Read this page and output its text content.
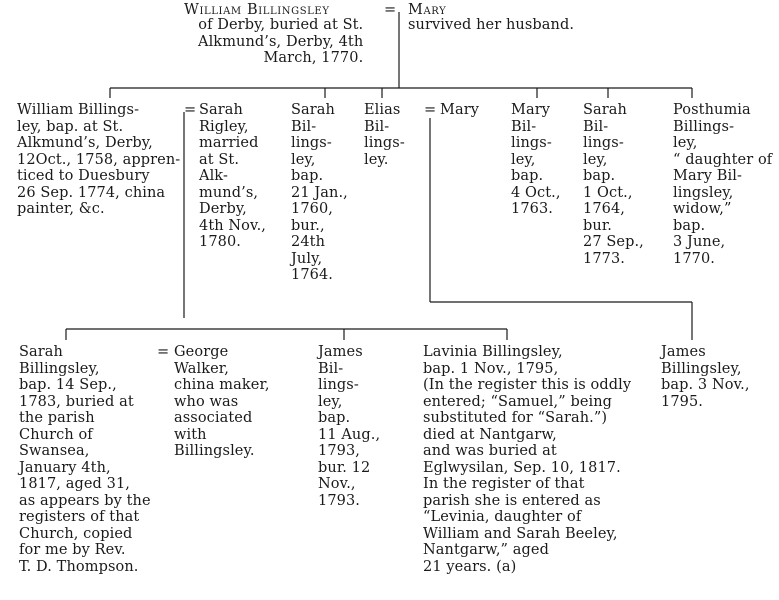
William Billingsley	= Mary
of Derby, buried at St.
Alkmund’s, Derby, 4th
March, 1770.
survived her husband.
William Billings-
ley, bap. at St.
Alkmund’s, Derby,
12Oct., 1758, appren-
ticed to Duesbury
26 Sep. 1774, china
painter, &c.
= Sarah
Rigley,
married
at St.
Alk-
mund’s,
Derby,
4th Nov.,
1780.
Sarah
Bil-
lings-
ley,
bap.
21 Jan.,
1760,
bur.,
24th
July,
1764.
Elias
Bil-
lings-
ley.
= Mary Mary
Bil-
lings-
ley,
bap.
4 Oct.,
1763.
Sarah
Bil-
lings-
ley,
bap.
1 Oct.,
1764,
bur.
27 Sep.,
1773.
Posthumia
Billings-
ley,
“ daughter of
Mary Bil-
lingsley,
widow,”
bap.
3 June,
1770.
Sarah
Billingsley,
bap. 14 Sep.,
1783, buried at
the parish
Church of
Swansea,
January 4th,
1817, aged 31,
as appears by the
registers of that
Church, copied
for me by Rev.
T. D. Thompson.
= George
Walker,
china maker,
who was
associated
with
Billingsley.
James
Bil-
lings-
ley,
bap.
11 Aug.,
1793,
bur. 12
Nov.,
1793.
Lavinia Billingsley,
bap. 1 Nov., 1795,
(In the register this is oddly
entered; “Samuel,” being
substituted for “Sarah.”)
died at Nantgarw,
and was buried at
Eglwysilan, Sep. 10, 1817.
In the register of that
parish she is entered as
“Levinia, daughter of
William and Sarah Beeley,
Nantgarw,” aged
21 years. (a)
James
Billingsley,
bap. 3 Nov.,
1795.
